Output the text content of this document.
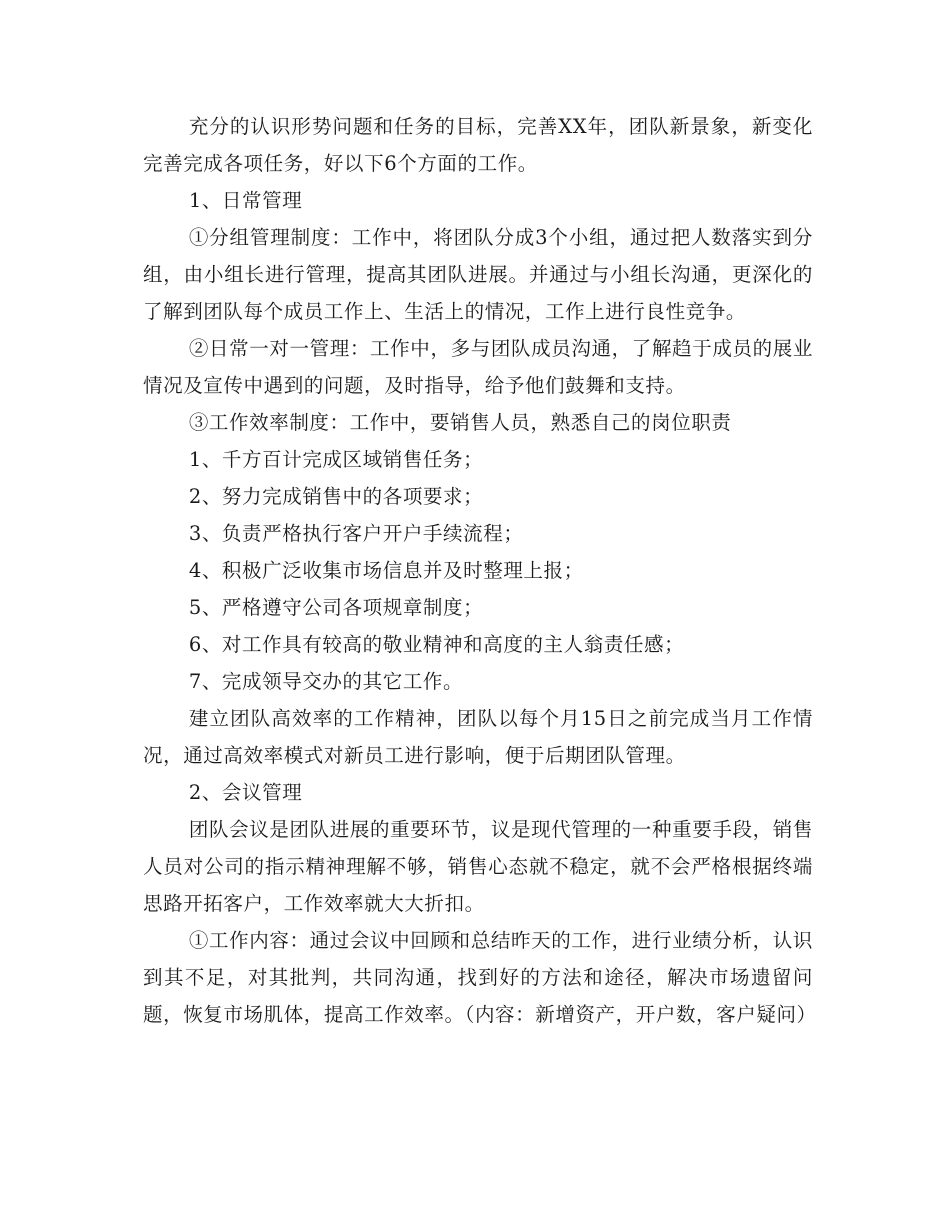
充分的认识形势问题和任务的目标，完善XX年，团队新景象，新变化完善完成各项任务，好以下6个方面的工作。

1、日常管理

①分组管理制度：工作中，将团队分成3个小组，通过把人数落实到分组，由小组长进行管理，提高其团队进展。并通过与小组长沟通，更深化的了解到团队每个成员工作上、生活上的情况，工作上进行良性竞争。

②日常一对一管理：工作中，多与团队成员沟通，了解趋于成员的展业情况及宣传中遇到的问题，及时指导，给予他们鼓舞和支持。

③工作效率制度：工作中，要销售人员，熟悉自己的岗位职责

1、千方百计完成区域销售任务；

2、努力完成销售中的各项要求；

3、负责严格执行客户开户手续流程；

4、积极广泛收集市场信息并及时整理上报；

5、严格遵守公司各项规章制度；

6、对工作具有较高的敬业精神和高度的主人翁责任感；

7、完成领导交办的其它工作。

建立团队高效率的工作精神，团队以每个月15日之前完成当月工作情况，通过高效率模式对新员工进行影响，便于后期团队管理。

2、会议管理

团队会议是团队进展的重要环节，议是现代管理的一种重要手段，销售人员对公司的指示精神理解不够，销售心态就不稳定，就不会严格根据终端思路开拓客户，工作效率就大大折扣。

①工作内容：通过会议中回顾和总结昨天的工作，进行业绩分析，认识到其不足，对其批判，共同沟通，找到好的方法和途径，解决市场遗留问题，恢复市场肌体，提高工作效率。（内容：新增资产，开户数，客户疑问）
